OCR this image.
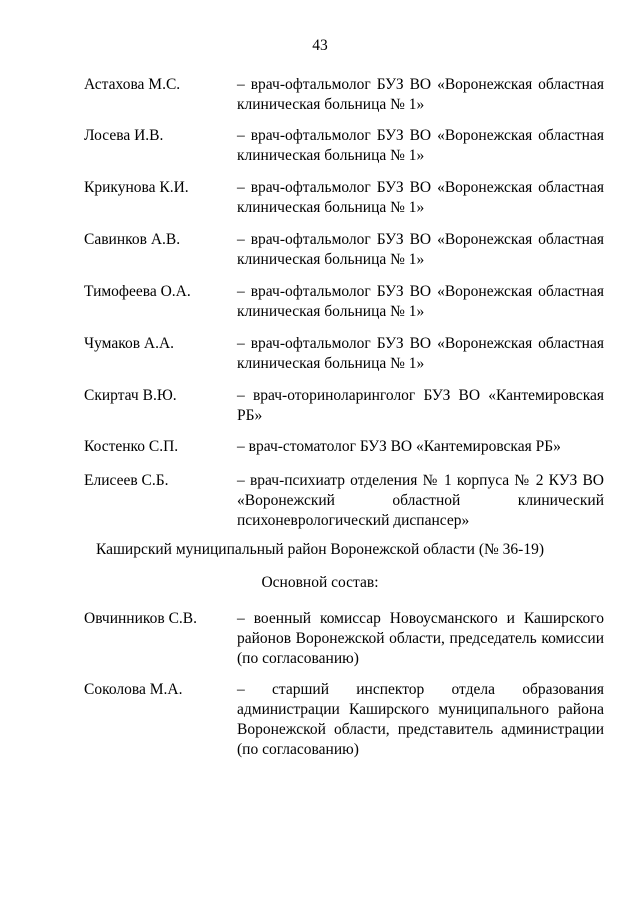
43
Астахова М.С.	– врач-офтальмолог БУЗ ВО «Воронежская областная клиническая больница № 1»
Лосева И.В.	– врач-офтальмолог БУЗ ВО «Воронежская областная клиническая больница № 1»
Крикунова К.И.	– врач-офтальмолог БУЗ ВО «Воронежская областная клиническая больница № 1»
Савинков А.В.	– врач-офтальмолог БУЗ ВО «Воронежская областная клиническая больница № 1»
Тимофеева О.А.	– врач-офтальмолог БУЗ ВО «Воронежская областная клиническая больница № 1»
Чумаков А.А.	– врач-офтальмолог БУЗ ВО «Воронежская областная клиническая больница № 1»
Скиртач В.Ю.	– врач-оториноларинголог БУЗ ВО «Кантемировская РБ»
Костенко С.П.	– врач-стоматолог БУЗ ВО «Кантемировская РБ»
Елисеев С.Б.	– врач-психиатр отделения № 1 корпуса № 2 КУЗ ВО «Воронежский областной клинический психоневрологический диспансер»
Каширский муниципальный район Воронежской области (№ 36-19)
Основной состав:
Овчинников С.В.	– военный комиссар Новоусманского и Каширского районов Воронежской области, председатель комиссии (по согласованию)
Соколова М.А.	– старший инспектор отдела образования администрации Каширского муниципального района Воронежской области, представитель администрации (по согласованию)
